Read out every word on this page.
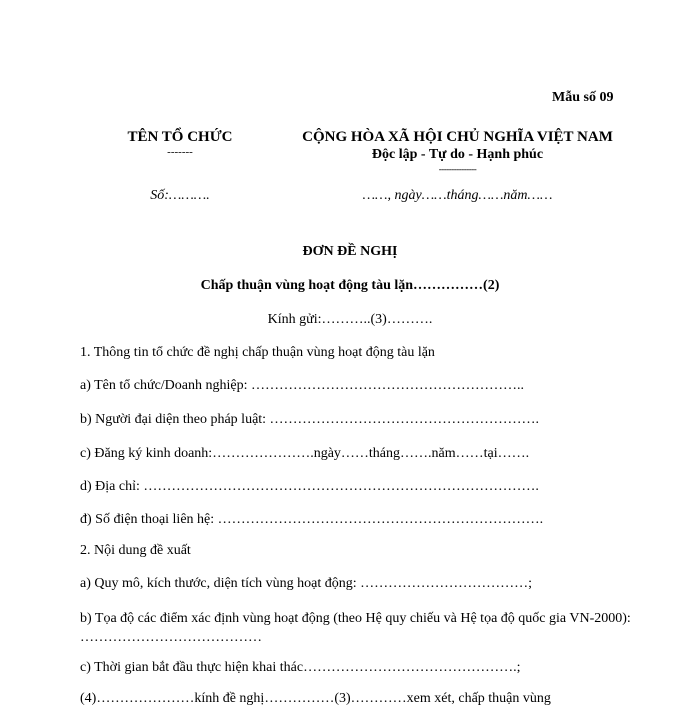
Mẫu số 09
TÊN TỔ CHỨC
-------
Số:……….
CỘNG HÒA XÃ HỘI CHỦ NGHĨA VIỆT NAM
Độc lập - Tự do - Hạnh phúc
---------------
……, ngày……tháng……năm……
ĐƠN ĐỀ NGHỊ
Chấp thuận vùng hoạt động tàu lặn……………(2)
Kính gửi:………..(3)……….
1. Thông tin tổ chức đề nghị chấp thuận vùng hoạt động tàu lặn
a) Tên tổ chức/Doanh nghiệp: …………………………………………………..
b) Người đại diện theo pháp luật: ………………………………………………….
c) Đăng ký kinh doanh:………………….ngày……tháng…….năm……tại…….
d) Địa chỉ: ………………………………………………………………………….
đ) Số điện thoại liên hệ: …………………………………………………………….
2. Nội dung đề xuất
a) Quy mô, kích thước, diện tích vùng hoạt động: ………………………………;
b) Tọa độ các điểm xác định vùng hoạt động (theo Hệ quy chiếu và Hệ tọa độ quốc gia VN-2000): …………………………………
c) Thời gian bắt đầu thực hiện khai thác……………………………………….;
(4)…………………kính đề nghị……………(3)…………xem xét, chấp thuận vùng
